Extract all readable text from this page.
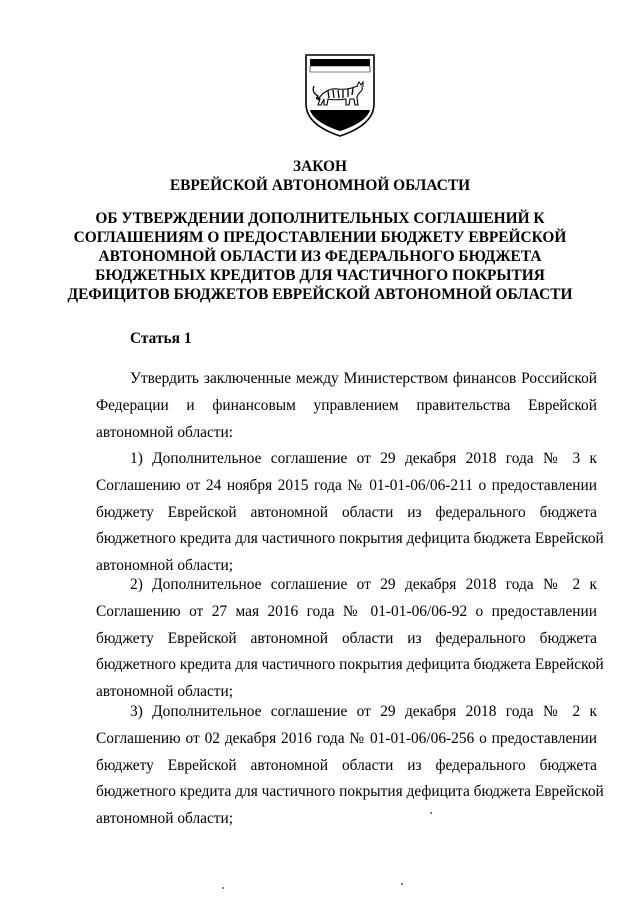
ЗАКОН
ЕВРЕЙСКОЙ АВТОНОМНОЙ ОБЛАСТИ
ОБ УТВЕРЖДЕНИИ ДОПОЛНИТЕЛЬНЫХ СОГЛАШЕНИЙ К
СОГЛАШЕНИЯМ О ПРЕДОСТАВЛЕНИИ БЮДЖЕТУ ЕВРЕЙСКОЙ
АВТОНОМНОЙ ОБЛАСТИ ИЗ ФЕДЕРАЛЬНОГО БЮДЖЕТА
БЮДЖЕТНЫХ КРЕДИТОВ ДЛЯ ЧАСТИЧНОГО ПОКРЫТИЯ
ДЕФИЦИТОВ БЮДЖЕТОВ ЕВРЕЙСКОЙ АВТОНОМНОЙ ОБЛАСТИ
Статья 1
Утвердить заключенные между Министерством финансов Российской
Федерации и финансовым управлением правительства Еврейской
автономной области:
1) Дополнительное соглашение от 29 декабря 2018 года № 3 к
Соглашению от 24 ноября 2015 года № 01-01-06/06-211 о предоставлении
бюджету Еврейской автономной области из федерального бюджета
бюджетного кредита для частичного покрытия дефицита бюджета Еврейской
автономной области;
2) Дополнительное соглашение от 29 декабря 2018 года № 2 к
Соглашению от 27 мая 2016 года № 01-01-06/06-92 о предоставлении
бюджету Еврейской автономной области из федерального бюджета
бюджетного кредита для частичного покрытия дефицита бюджета Еврейской
автономной области;
3) Дополнительное соглашение от 29 декабря 2018 года № 2 к
Соглашению от 02 декабря 2016 года № 01-01-06/06-256 о предоставлении
бюджету Еврейской автономной области из федерального бюджета
бюджетного кредита для частичного покрытия дефицита бюджета Еврейской
автономной области;
